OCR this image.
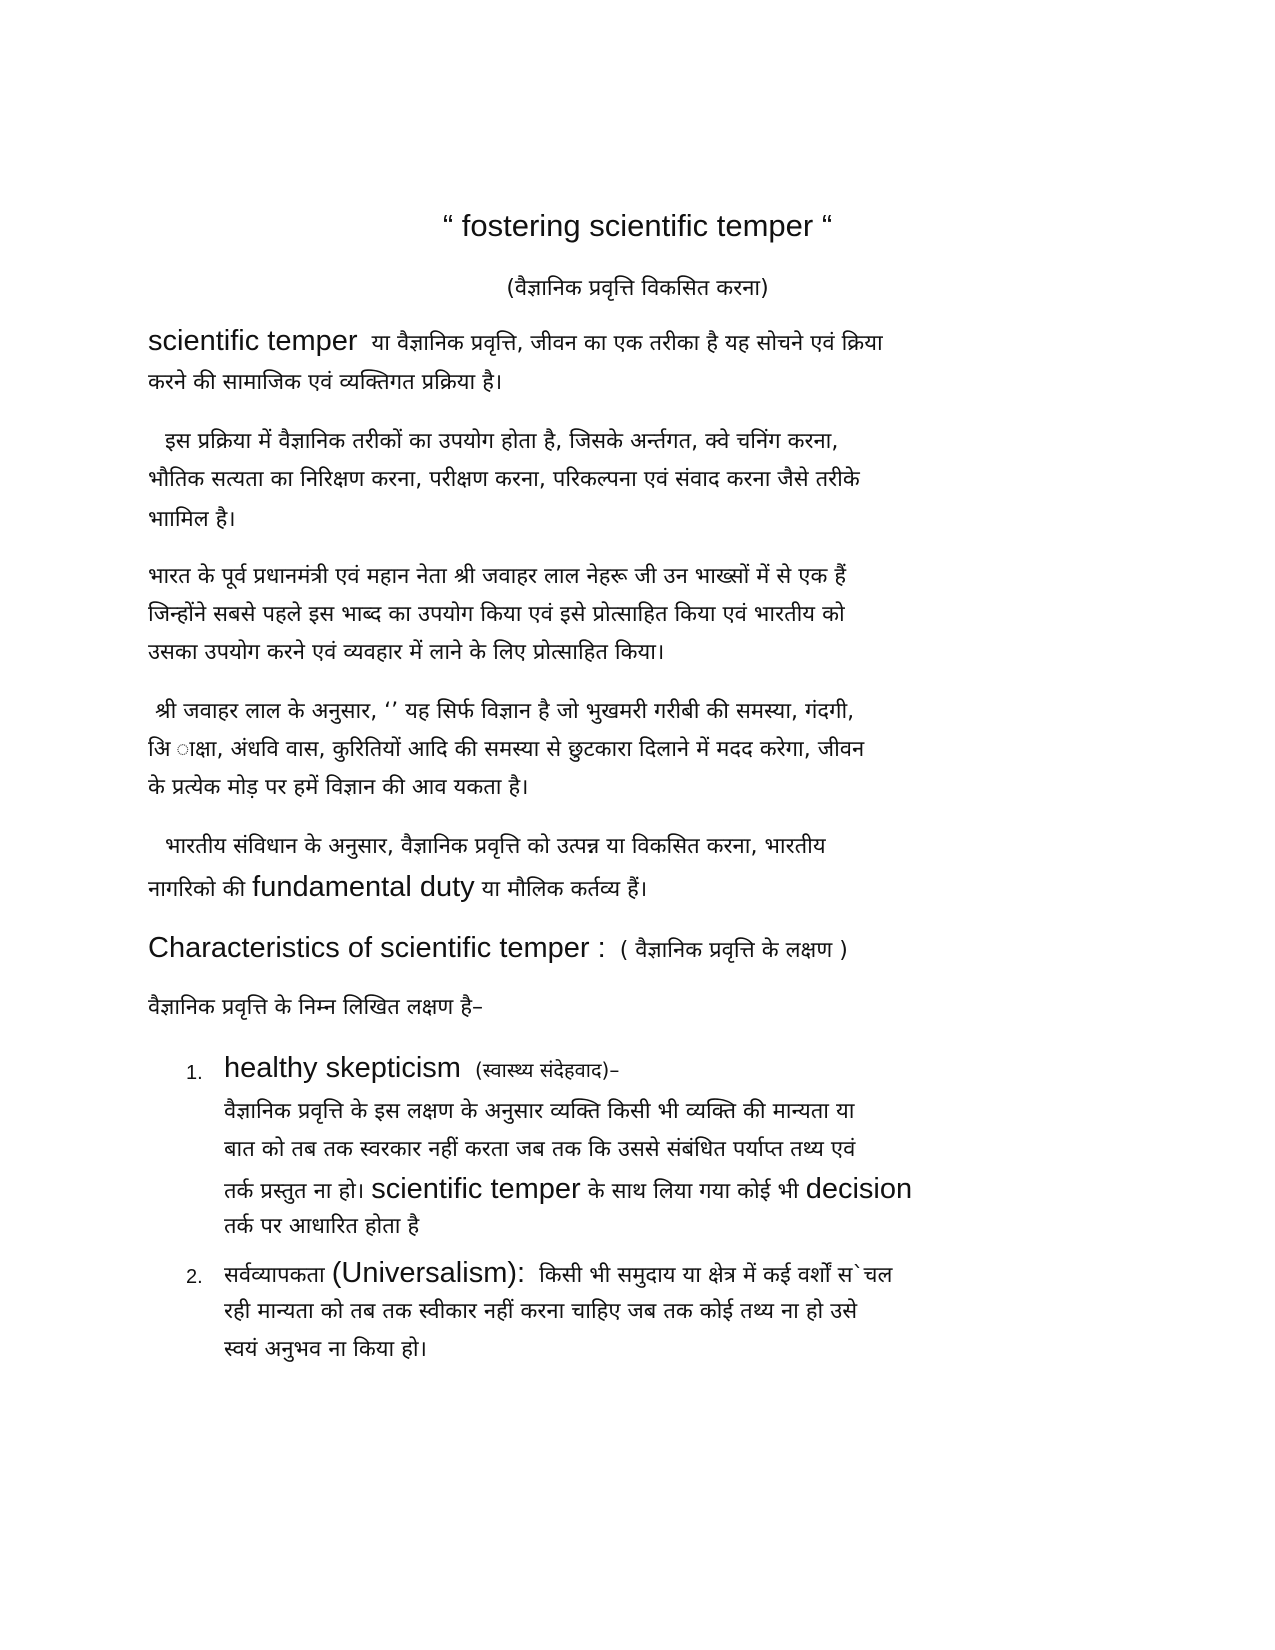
“ fostering scientific temper “
(वैज्ञानिक प्रवृत्ति विकसित करना)
scientific temper या वैज्ञानिक प्रवृत्ति, जीवन का एक तरीका है यह सोचने एवं क्रिया
करने की सामाजिक एवं व्यक्तिगत प्रक्रिया है।
इस प्रक्रिया में वैज्ञानिक तरीकों का उपयोग होता है, जिसके अर्न्तगत, क्वे चनिंग करना,
भौतिक सत्यता का निरिक्षण करना, परीक्षण करना, परिकल्पना एवं संवाद करना जैसे तरीके
भाामिल है।
भारत के पूर्व प्रधानमंत्री एवं महान नेता श्री जवाहर लाल नेहरू जी उन भाख्सों में से एक हैं
जिन्होंने सबसे पहले इस भाब्द का उपयोग किया एवं इसे प्रोत्साहित किया एवं भारतीय को
उसका उपयोग करने एवं व्यवहार में लाने के लिए प्रोत्साहित किया।
श्री जवाहर लाल के अनुसार, ‘’ यह सिर्फ विज्ञान है जो भुखमरी गरीबी की समस्या, गंदगी,
अि ाक्षा, अंधवि वास, कुरितियों आदि की समस्या से छुटकारा दिलाने में मदद करेगा, जीवन
के प्रत्येक मोड़ पर हमें विज्ञान की आव यकता है।
भारतीय संविधान के अनुसार, वैज्ञानिक प्रवृत्ति को उत्पन्न या विकसित करना, भारतीय
नागरिको की fundamental duty या मौलिक कर्तव्य हैं।
Characteristics of scientific temper : ( वैज्ञानिक प्रवृत्ति के लक्षण )
वैज्ञानिक प्रवृत्ति के निम्न लिखित लक्षण है–
1. healthy skepticism (स्वास्थ्य संदेहवाद)–
वैज्ञानिक प्रवृत्ति के इस लक्षण के अनुसार व्यक्ति किसी भी व्यक्ति की मान्यता या
बात को तब तक स्वरकार नहीं करता जब तक कि उससे संबंधित पर्याप्त तथ्य एवं
तर्क प्रस्तुत ना हो। scientific temper के साथ लिया गया कोई भी decision
तर्क पर आधारित होता है
2. सर्वव्यापकता (Universalism): किसी भी समुदाय या क्षेत्र में कई वर्शों स`चल
रही मान्यता को तब तक स्वीकार नहीं करना चाहिए जब तक कोई तथ्य ना हो उसे
स्वयं अनुभव ना किया हो।
